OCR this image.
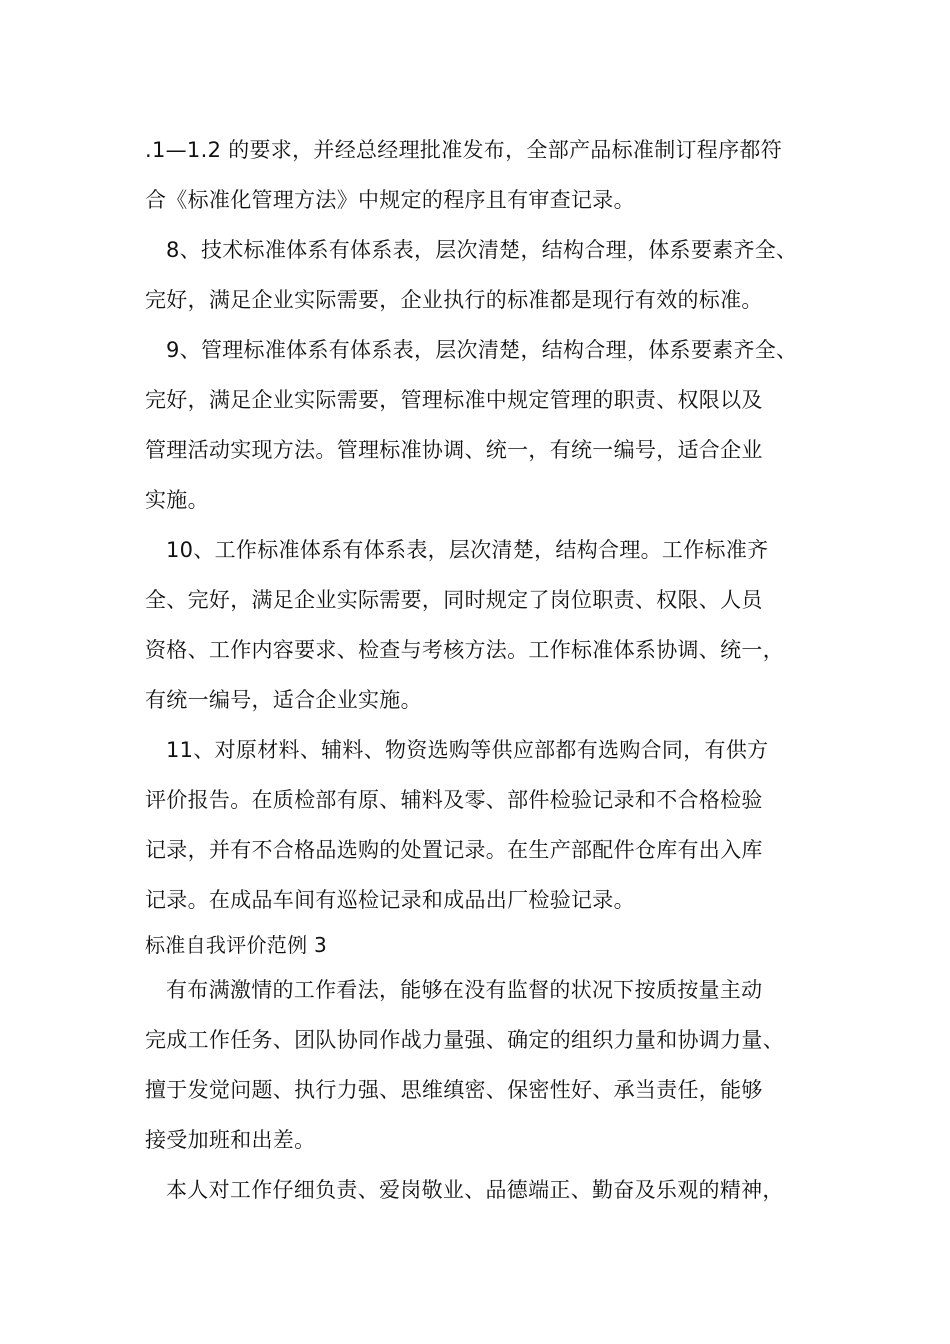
.1—1.2 的要求，并经总经理批准发布，全部产品标准制订程序都符
合《标准化管理方法》中规定的程序且有审查记录。
8、技术标准体系有体系表，层次清楚，结构合理，体系要素齐全、
完好，满足企业实际需要，企业执行的标准都是现行有效的标准。
9、管理标准体系有体系表，层次清楚，结构合理，体系要素齐全、
完好，满足企业实际需要，管理标准中规定管理的职责、权限以及
管理活动实现方法。管理标准协调、统一，有统一编号，适合企业
实施。
10、工作标准体系有体系表，层次清楚，结构合理。工作标准齐
全、完好，满足企业实际需要，同时规定了岗位职责、权限、人员
资格、工作内容要求、检查与考核方法。工作标准体系协调、统一，
有统一编号，适合企业实施。
11、对原材料、辅料、物资选购等供应部都有选购合同，有供方
评价报告。在质检部有原、辅料及零、部件检验记录和不合格检验
记录，并有不合格品选购的处置记录。在生产部配件仓库有出入库
记录。在成品车间有巡检记录和成品出厂检验记录。
标准自我评价范例 3
有布满激情的工作看法，能够在没有监督的状况下按质按量主动
完成工作任务、团队协同作战力量强、确定的组织力量和协调力量、
擅于发觉问题、执行力强、思维缜密、保密性好、承当责任，能够
接受加班和出差。
本人对工作仔细负责、爱岗敬业、品德端正、勤奋及乐观的精神，
